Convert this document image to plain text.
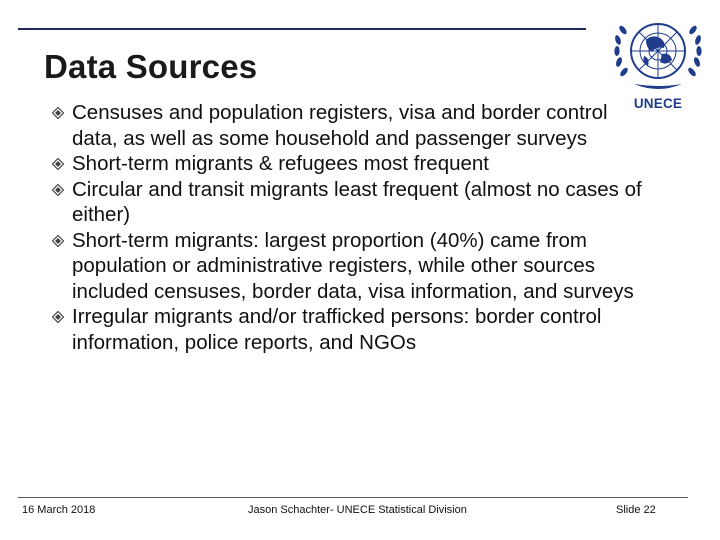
Data Sources
UNECE
Censuses and population registers, visa and border control data, as well as some household and passenger surveys
Short-term migrants & refugees most frequent
Circular and transit migrants least frequent (almost no cases of either)
Short-term migrants: largest proportion (40%) came from population or administrative registers, while other sources included censuses, border data, visa information, and surveys
Irregular migrants and/or trafficked persons: border control information, police reports, and NGOs
16 March 2018	Jason Schachter- UNECE Statistical Division	Slide 22
